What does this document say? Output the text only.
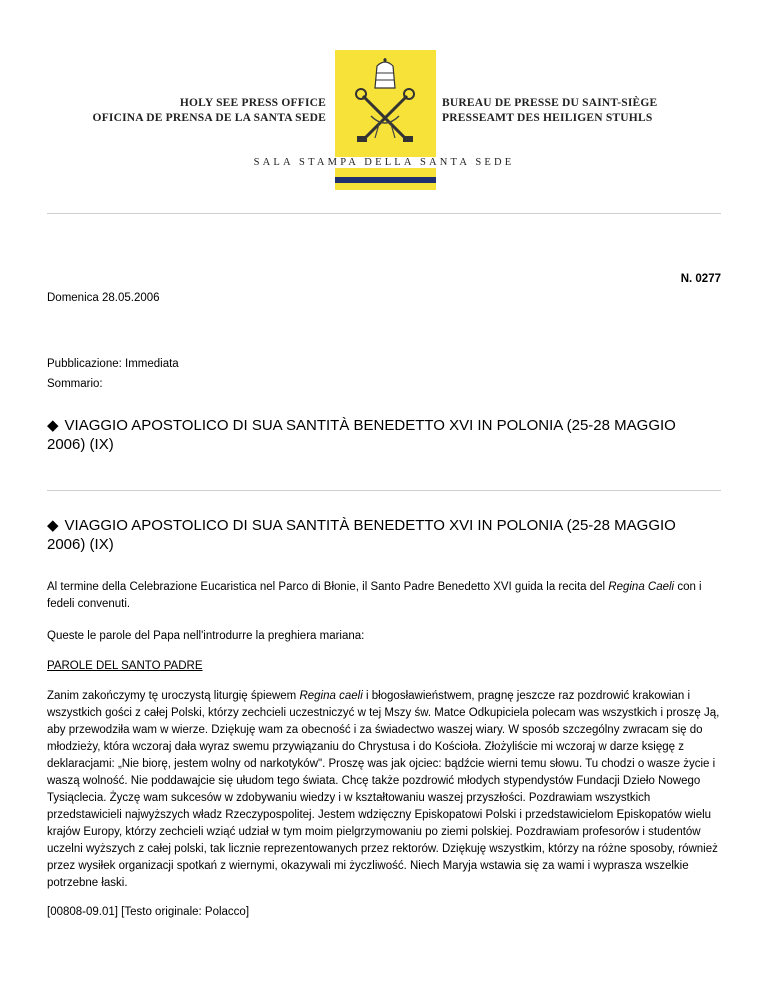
HOLY SEE PRESS OFFICE
OFICINA DE PRENSA DE LA SANTA SEDE
BUREAU DE PRESSE DU SAINT-SIÈGE
PRESSEAMT DES HEILIGEN STUHLS
SALA STAMPA DELLA SANTA SEDE
N. 0277
Domenica 28.05.2006
Pubblicazione: Immediata
Sommario:
◆ VIAGGIO APOSTOLICO DI SUA SANTITÀ BENEDETTO XVI IN POLONIA (25-28 MAGGIO 2006) (IX)
◆ VIAGGIO APOSTOLICO DI SUA SANTITÀ BENEDETTO XVI IN POLONIA (25-28 MAGGIO 2006) (IX)

Al termine della Celebrazione Eucaristica nel Parco di Błonie, il Santo Padre Benedetto XVI guida la recita del Regina Caeli con i fedeli convenuti.

Queste le parole del Papa nell'introdurre la preghiera mariana:
PAROLE DEL SANTO PADRE

Zanim zakończymy tę uroczystą liturgię śpiewem Regina caeli i błogosławieństwem, pragnę jeszcze raz pozdrowić krakowian i wszystkich gości z całej Polski, którzy zechcieli uczestniczyć w tej Mszy św. Matce Odkupiciela polecam was wszystkich i proszę Ją, aby przewodziła wam w wierze. Dziękuję wam za obecność i za świadectwo waszej wiary. W sposób szczególny zwracam się do młodzieży, która wczoraj dała wyraz swemu przywiązaniu do Chrystusa i do Kościoła. Złożyliście mi wczoraj w darze księgę z deklaracjami: „Nie biorę, jestem wolny od narkotyków". Proszę was jak ojciec: bądźcie wierni temu słowu. Tu chodzi o wasze życie i waszą wolność. Nie poddawajcie się ułudom tego świata. Chcę także pozdrowić młodych stypendystów Fundacji Dzieło Nowego Tysiąclecia. Życzę wam sukcesów w zdobywaniu wiedzy i w kształtowaniu waszej przyszłości. Pozdrawiam wszystkich przedstawicieli najwyższych władz Rzeczypospolitej. Jestem wdzięczny Episkopatowi Polski i przedstawicielom Episkopatów wielu krajów Europy, którzy zechcieli wziąć udział w tym moim pielgrzymowaniu po ziemi polskiej. Pozdrawiam profesorów i studentów uczelni wyższych z całej polski, tak licznie reprezentowanych przez rektorów. Dziękuję wszystkim, którzy na różne sposoby, również przez wysiłek organizacji spotkań z wiernymi, okazywali mi życzliwość. Niech Maryja wstawia się za wami i wyprasza wszelkie potrzebne łaski.

[00808-09.01] [Testo originale: Polacco]
